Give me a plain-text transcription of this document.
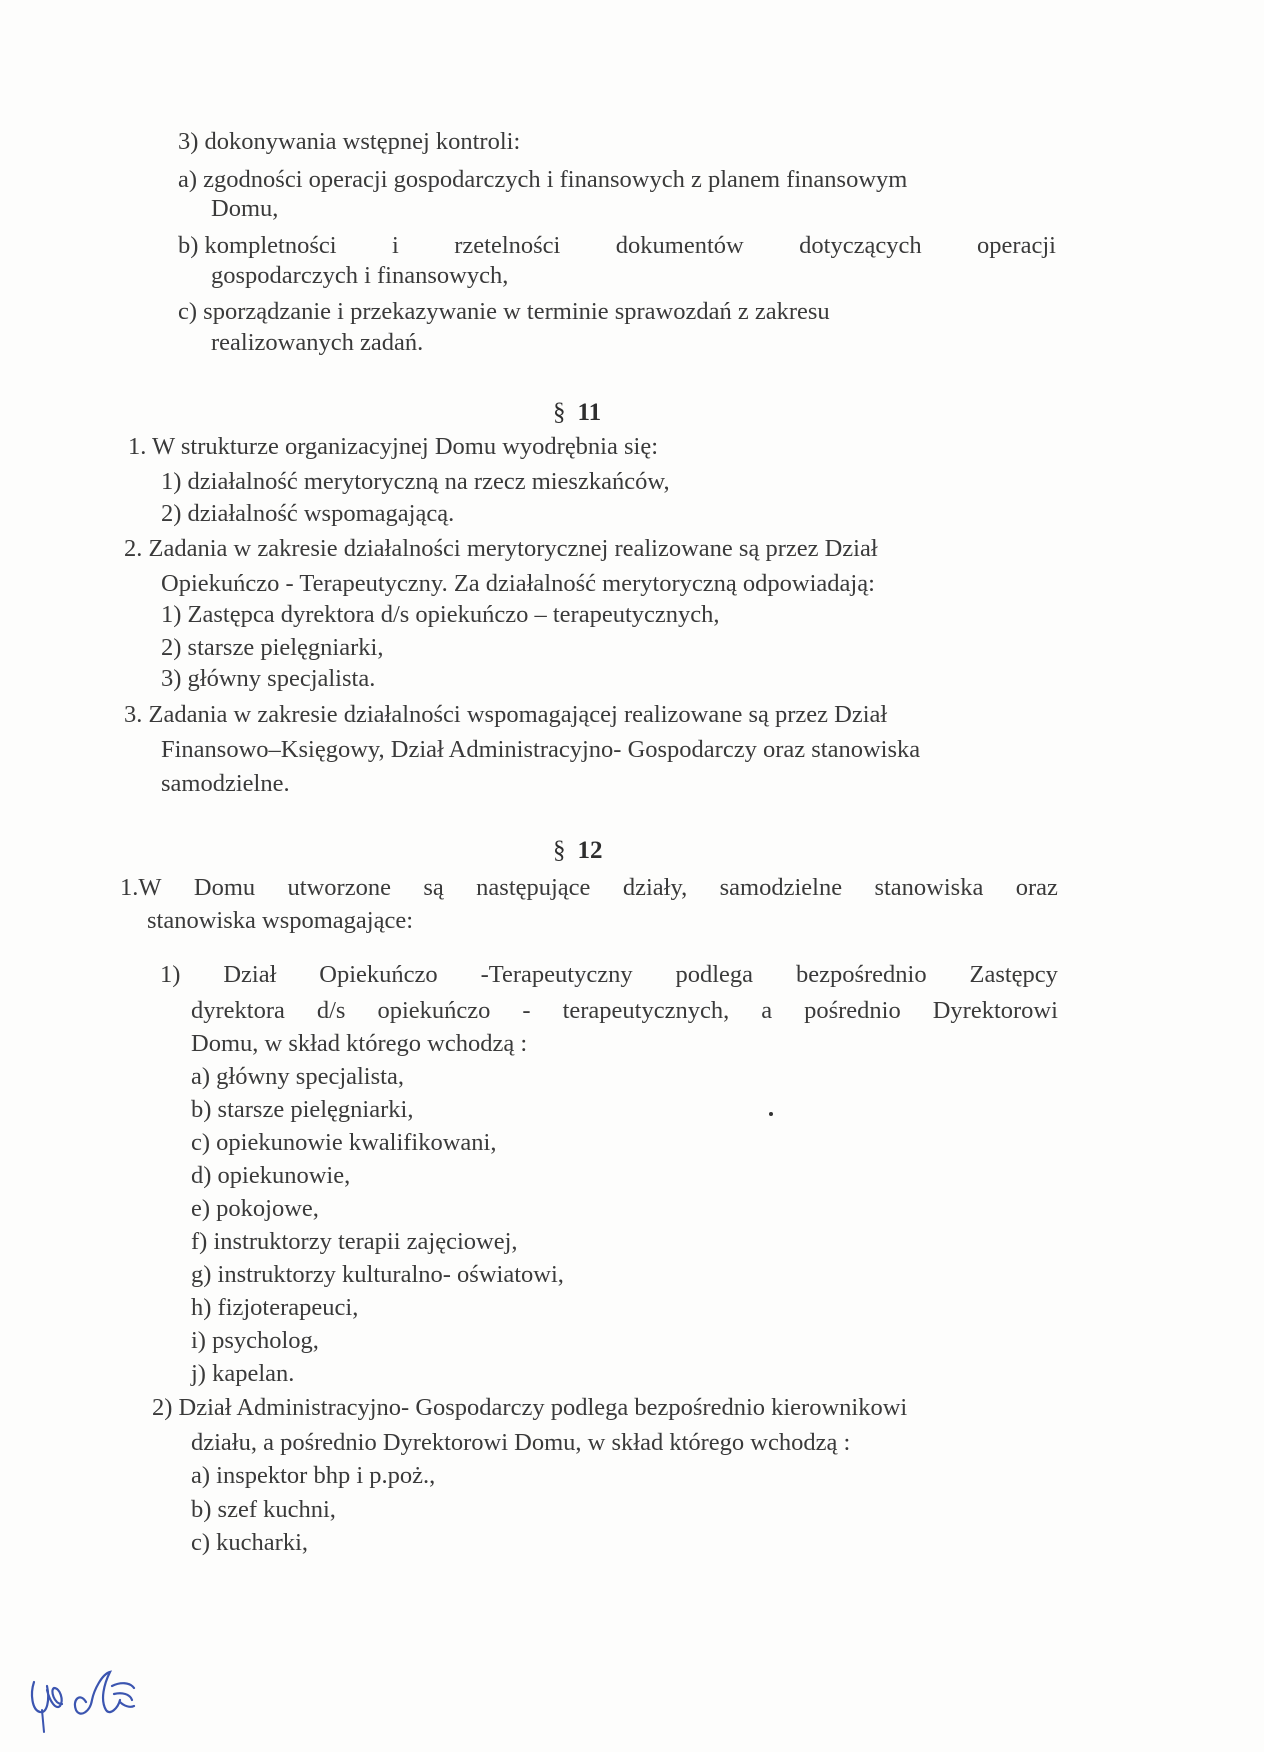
3) dokonywania wstępnej kontroli:

a) zgodności operacji gospodarczych i finansowych z planem finansowym

Domu,

b) kompletności i rzetelności dokumentów dotyczących operacji

gospodarczych i finansowych,

c) sporządzanie i przekazywanie w terminie sprawozdań z zakresu

realizowanych zadań.

§ 11

1. W strukturze organizacyjnej Domu wyodrębnia się:

1) działalność merytoryczną na rzecz mieszkańców,

2) działalność wspomagającą.

2. Zadania w zakresie działalności merytorycznej realizowane są przez Dział

Opiekuńczo - Terapeutyczny. Za działalność merytoryczną odpowiadają:

1) Zastępca dyrektora d/s opiekuńczo – terapeutycznych,

2) starsze pielęgniarki,

3) główny specjalista.

3. Zadania w zakresie działalności wspomagającej realizowane są przez Dział

Finansowo–Księgowy, Dział Administracyjno- Gospodarczy oraz stanowiska

samodzielne.

§ 12
1.W Domu utworzone są następujące działy, samodzielne stanowiska oraz

stanowiska wspomagające:

1) Dział Opiekuńczo -Terapeutyczny podlega bezpośrednio Zastępcy
dyrektora d/s opiekuńczo - terapeutycznych, a pośrednio Dyrektorowi

Domu, w skład którego wchodzą :

a) główny specjalista,

b) starsze pielęgniarki,

c) opiekunowie kwalifikowani,

d) opiekunowie,

e) pokojowe,

f) instruktorzy terapii zajęciowej,

g) instruktorzy kulturalno- oświatowi,

h) fizjoterapeuci,

i) psycholog,

j) kapelan.

2) Dział Administracyjno- Gospodarczy podlega bezpośrednio kierownikowi

działu, a pośrednio Dyrektorowi Domu, w skład którego wchodzą :

a) inspektor bhp i p.poż.,

b) szef kuchni,

c) kucharki,
